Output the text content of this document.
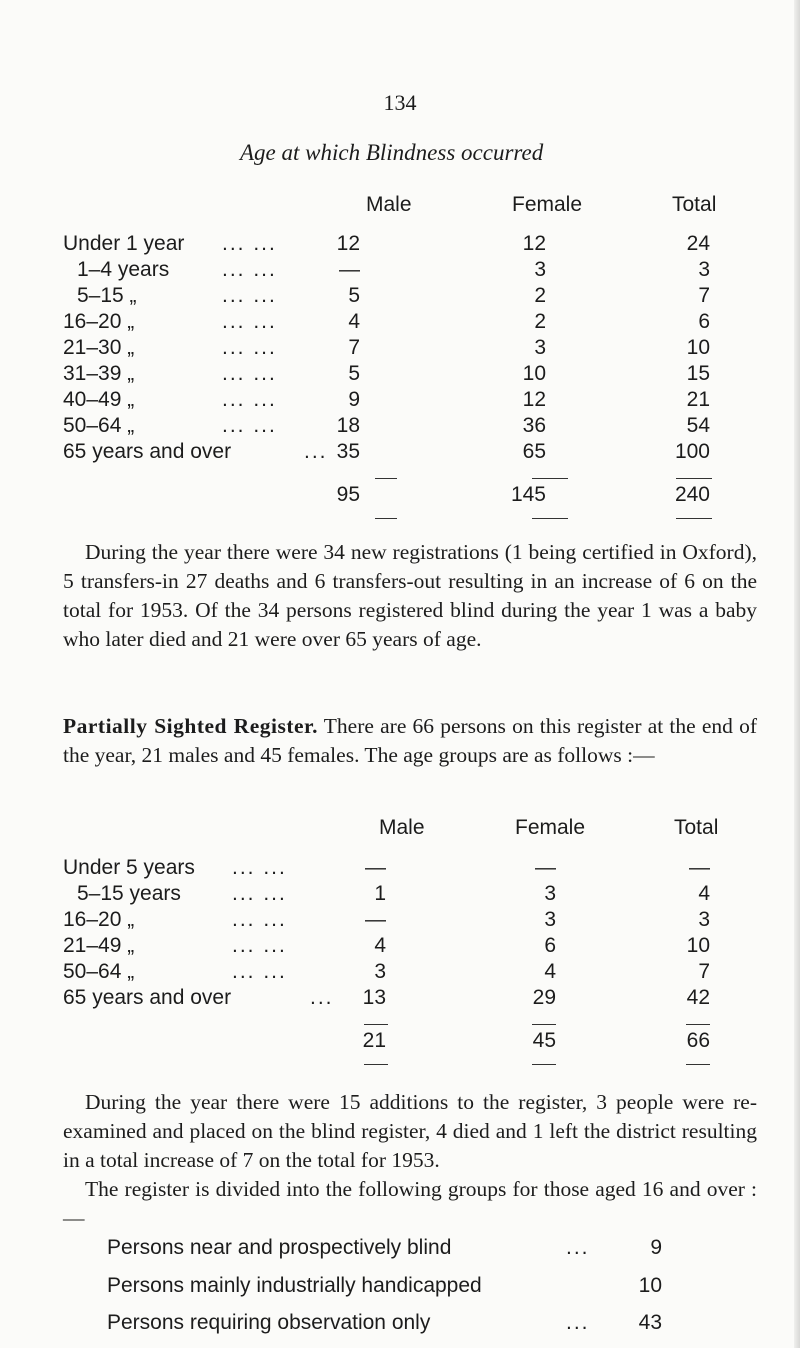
134
Age at which Blindness occurred
Male	Female	Total
Under 1 year ... ...	12	12	24
1–4 years	... ...	—	3	3
5–15 „	... ...	5	2	7
16–20 „	... ...	4	2	6
21–30 „	... ...	7	3	10
31–39 „	... ...	5	10	15
40–49 „	... ...	9	12	21
50–64 „	... ...	18	36	54
65 years and over	... 35	65	100
95	145	240

During the year there were 34 new registrations (1 being certified in Oxford), 5 transfers-in 27 deaths and 6 transfers-out resulting in an increase of 6 on the total for 1953. Of the 34 persons registered blind during the year 1 was a baby who later died and 21 were over 65 years of age.

Partially Sighted Register. There are 66 persons on this register at the end of the year, 21 males and 45 females. The age groups are as follows :—

Male	Female	Total
Under 5 years ... ...	—	—	—
5–15 years ... ...	1	3	4
16–20 „	... ...	—	3	3
21–49 „	... ...	4	6	10
50–64 „	... ...	3	4	7
65 years and over	...	13	29	42
21	45	66

During the year there were 15 additions to the register, 3 people were re-examined and placed on the blind register, 4 died and 1 left the district resulting in a total increase of 7 on the total for 1953.

The register is divided into the following groups for those aged 16 and over :—

Persons near and prospectively blind	...	9
Persons mainly industrially handicapped	10
Persons requiring observation only	...	43
